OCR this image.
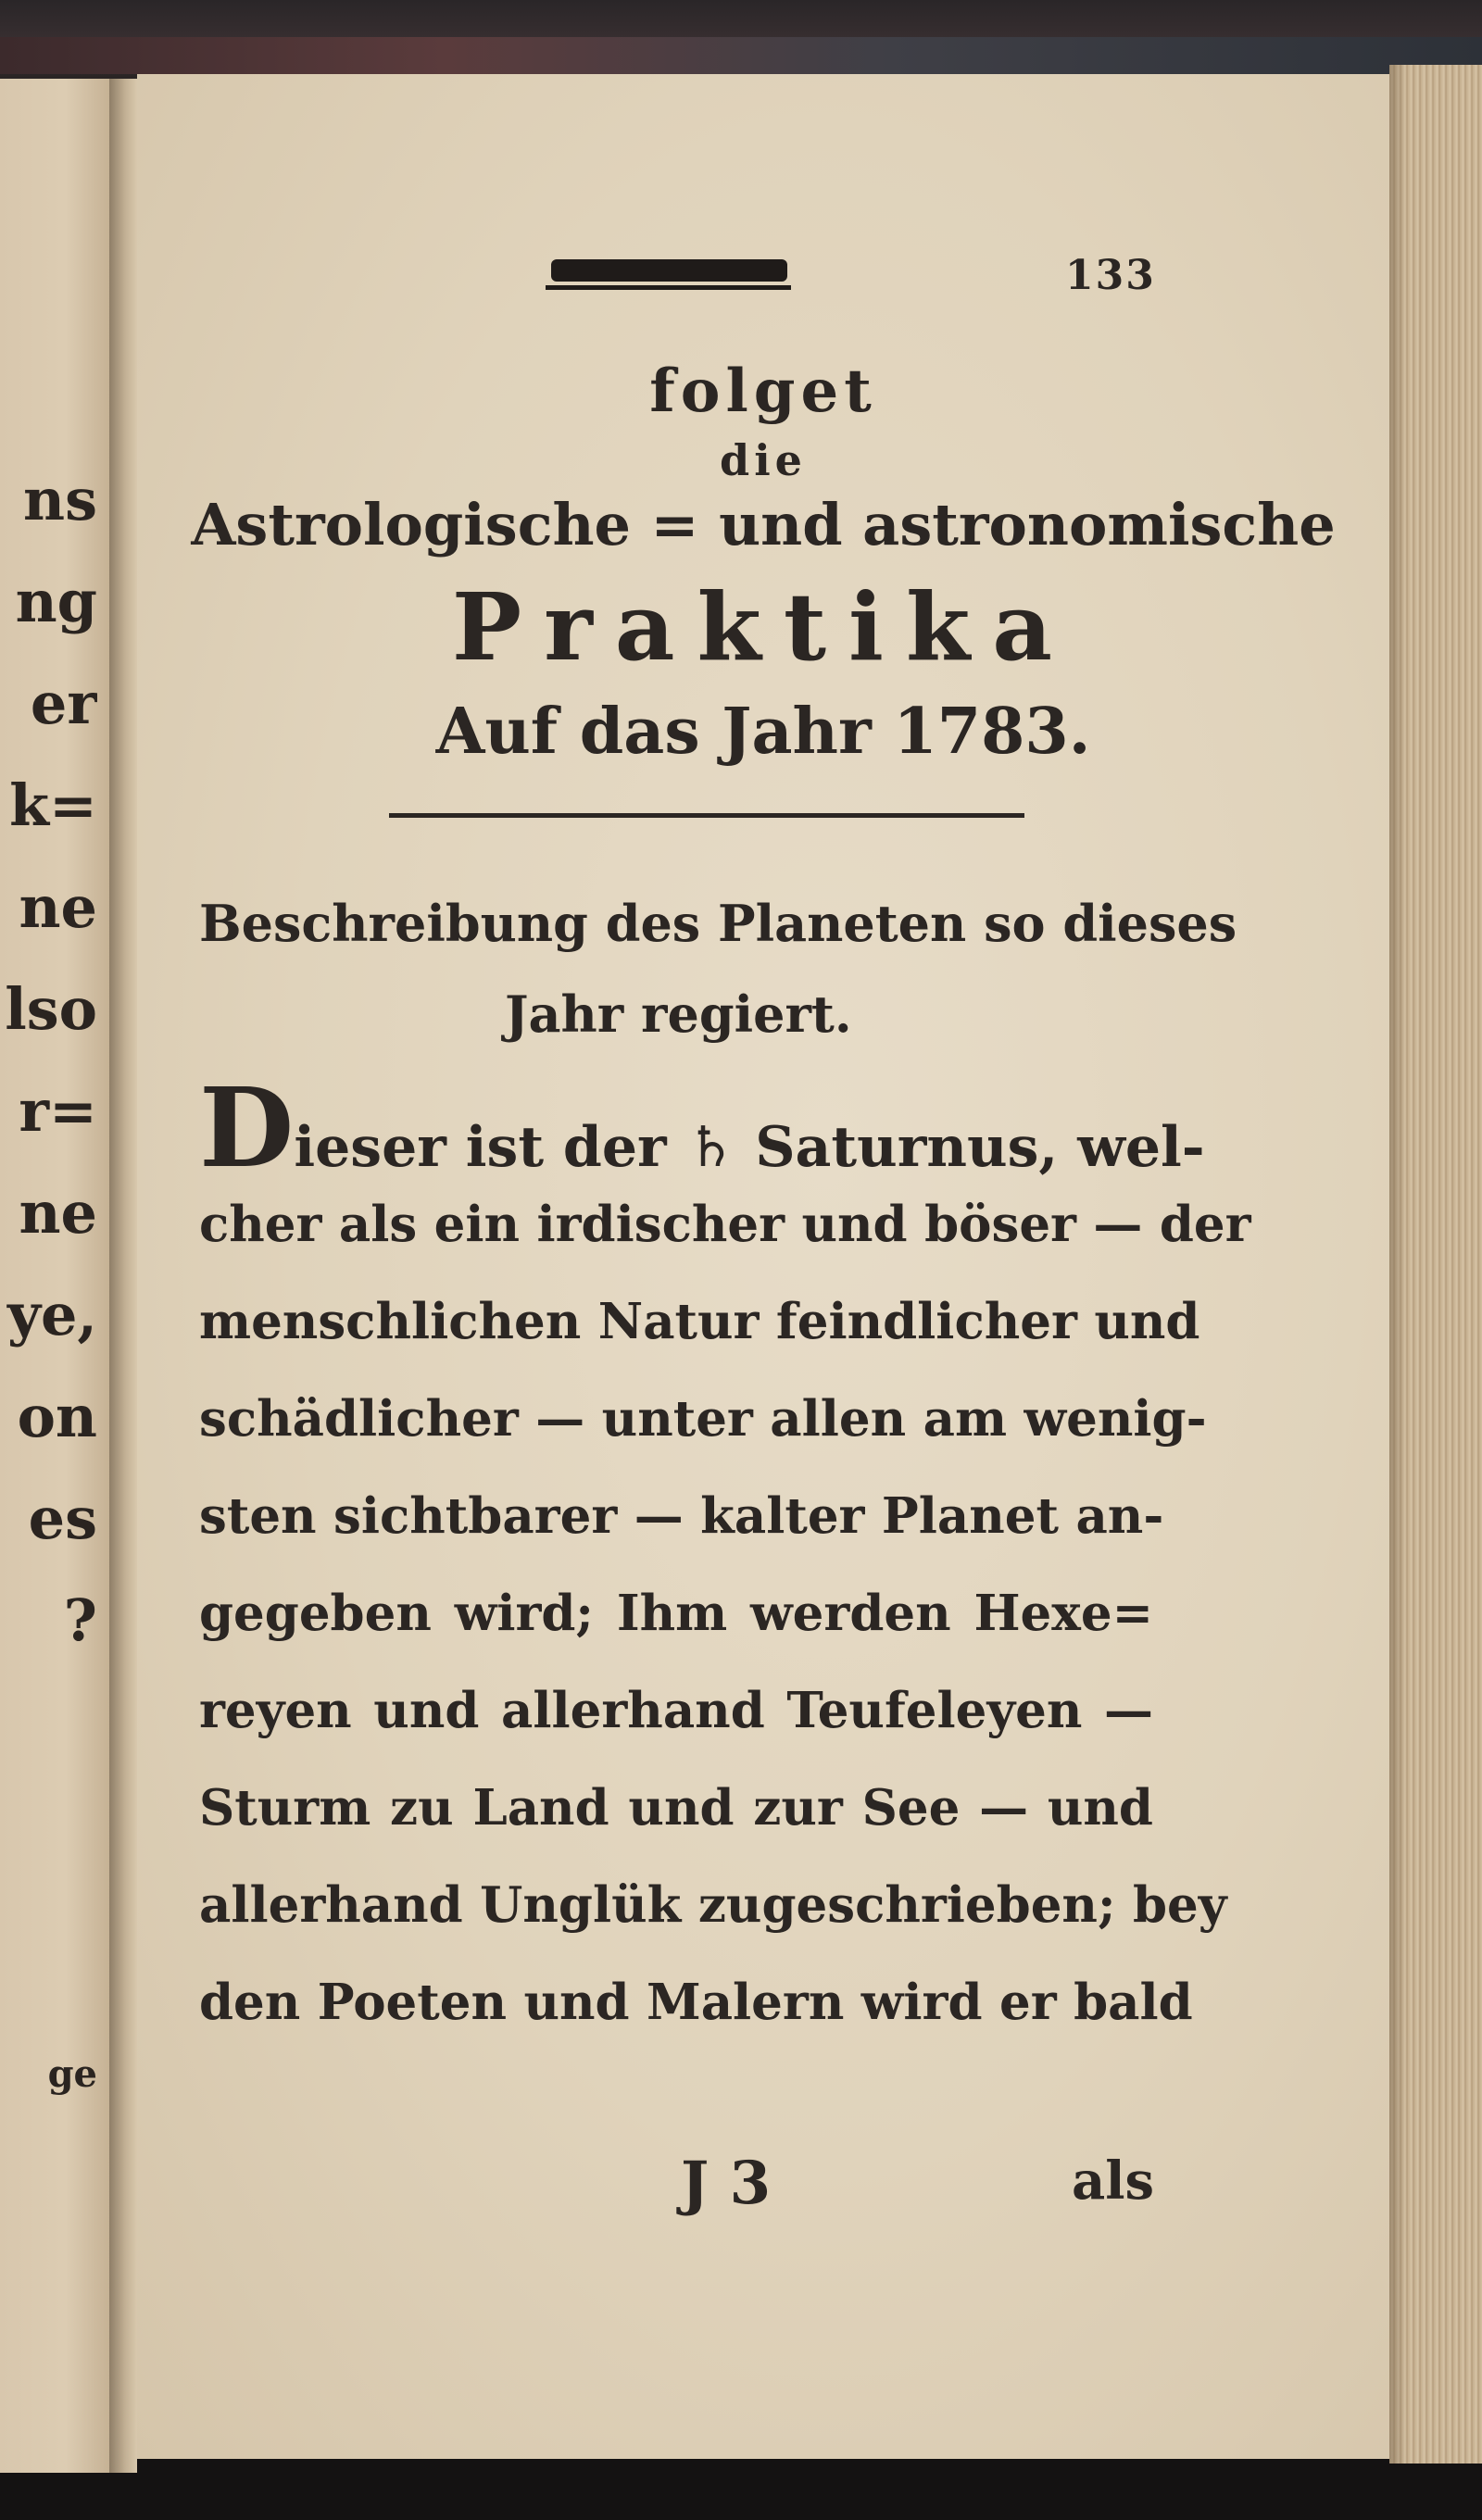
ns
ng
er
k=
ne
lso
r=
ne
ye,
on
es
?
ge
133
folget
die
Astrologische = und astronomische
Praktika
Auf das Jahr 1783.
Beschreibung des Planeten so dieses
Jahr regiert.
Dieser ist der ♄ Saturnus, wel-
cher als ein irdischer und böser — der
menschlichen Natur feindlicher und
schädlicher — unter allen am wenig-
sten sichtbarer — kalter Planet an-
gegeben wird; Ihm werden Hexe=
reyen und allerhand Teufeleyen —
Sturm zu Land und zur See — und
allerhand Unglük zugeschrieben; bey
den Poeten und Malern wird er bald
J 3	als
